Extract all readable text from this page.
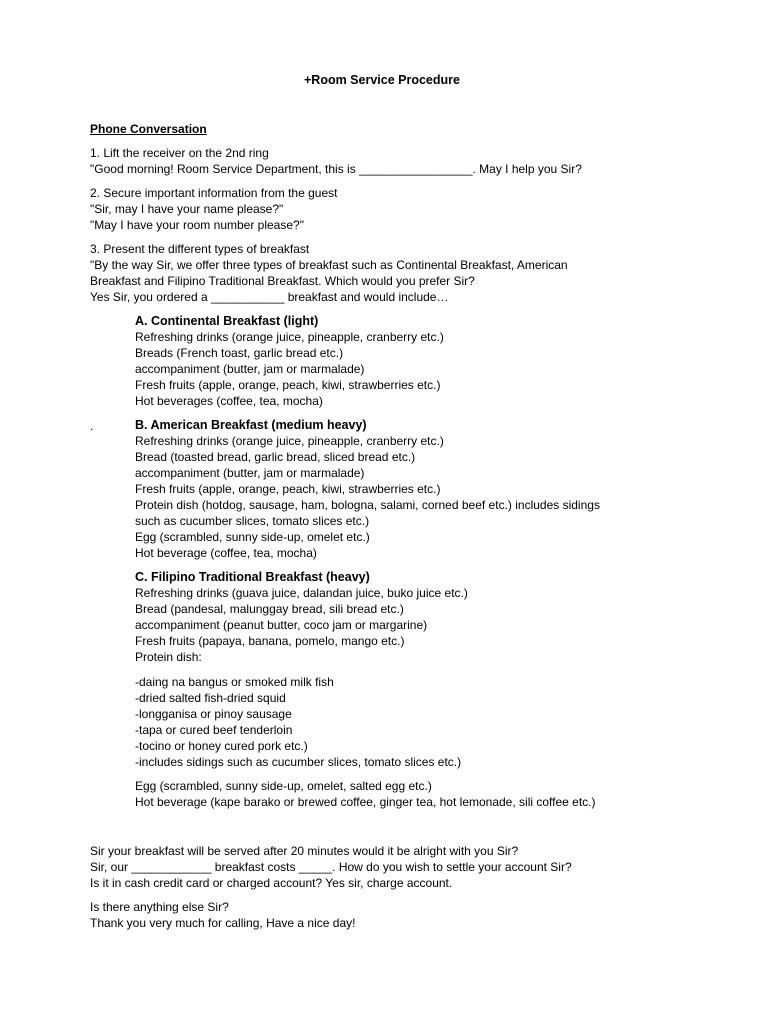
+Room Service Procedure
Phone Conversation
1. Lift the receiver on the 2nd ring
"Good morning! Room Service Department, this is _________________. May I help you Sir?
2. Secure important information from the guest
"Sir, may I have your name please?"
"May I have your room number please?"
3. Present the different types of breakfast
"By the way Sir, we offer three types of breakfast such as Continental Breakfast, American
Breakfast and Filipino Traditional Breakfast. Which would you prefer Sir?
Yes Sir, you ordered a ___________ breakfast and would include…
A. Continental Breakfast (light)
Refreshing drinks (orange juice, pineapple, cranberry etc.)
Breads (French toast, garlic bread etc.)
accompaniment (butter, jam or marmalade)
Fresh fruits (apple, orange, peach, kiwi, strawberries etc.)
Hot beverages (coffee, tea, mocha)
.	B. American Breakfast (medium heavy)
Refreshing drinks (orange juice, pineapple, cranberry etc.)
Bread (toasted bread, garlic bread, sliced bread etc.)
accompaniment (butter, jam or marmalade)
Fresh fruits (apple, orange, peach, kiwi, strawberries etc.)
Protein dish (hotdog, sausage, ham, bologna, salami, corned beef etc.) includes sidings
such as cucumber slices, tomato slices etc.)
Egg (scrambled, sunny side-up, omelet etc.)
Hot beverage (coffee, tea, mocha)
C. Filipino Traditional Breakfast (heavy)
Refreshing drinks (guava juice, dalandan juice, buko juice etc.)
Bread (pandesal, malunggay bread, sili bread etc.)
accompaniment (peanut butter, coco jam or margarine)
Fresh fruits (papaya, banana, pomelo, mango etc.)
Protein dish:
-daing na bangus or smoked milk fish
-dried salted fish-dried squid
-longganisa or pinoy sausage
-tapa or cured beef tenderloin
-tocino or honey cured pork etc.)
-includes sidings such as cucumber slices, tomato slices etc.)
Egg (scrambled, sunny side-up, omelet, salted egg etc.)
Hot beverage (kape barako or brewed coffee, ginger tea, hot lemonade, sili coffee etc.)
Sir your breakfast will be served after 20 minutes would it be alright with you Sir?
Sir, our ____________ breakfast costs _____. How do you wish to settle your account Sir?
Is it in cash credit card or charged account? Yes sir, charge account.
Is there anything else Sir?
Thank you very much for calling, Have a nice day!
